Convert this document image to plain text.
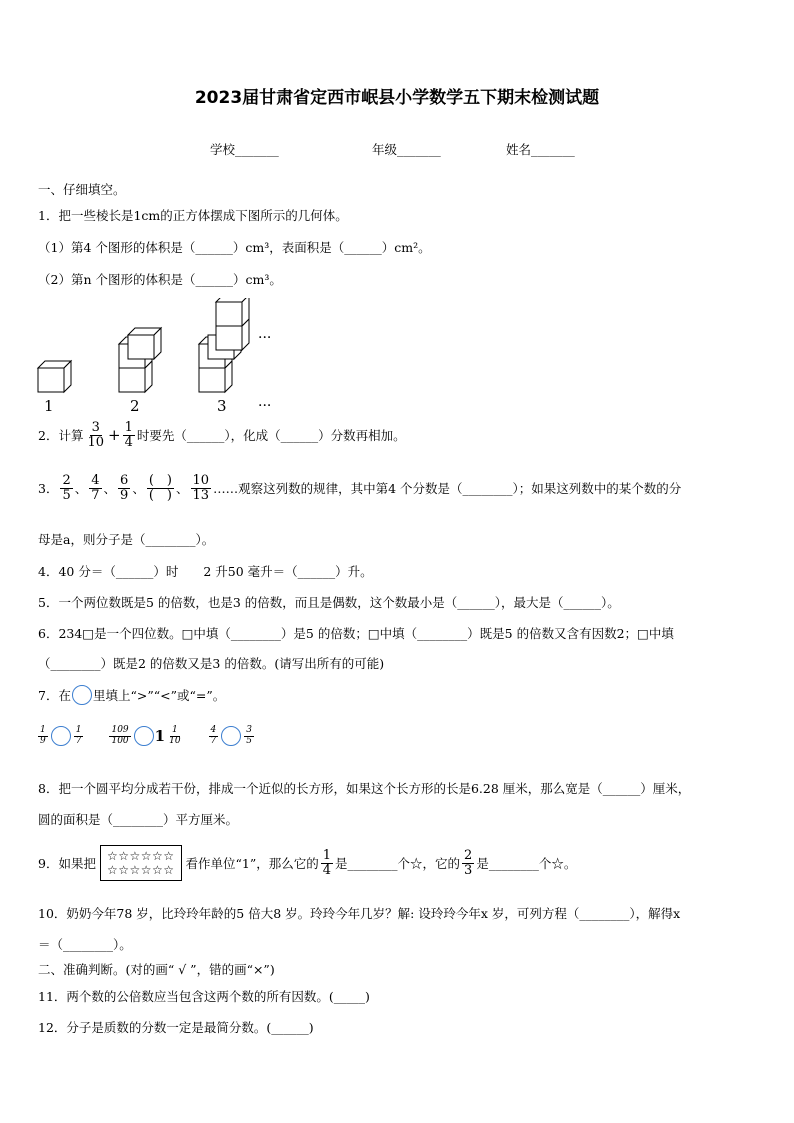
2023届甘肃省定西市岷县小学数学五下期末检测试题
学校_______	年级_______	姓名_______
一、仔细填空。
1．把一些棱长是1cm的正方体摆成下图所示的几何体。
（1）第4 个图形的体积是（______）cm³，表面积是（______）cm²。
（2）第n 个图形的体积是（______）cm³。
1	2	3
···
···
2．计算 $\frac{3}{10} + \frac{1}{4}$ 时要先（______），化成（______）分数再相加。
3． $\frac{2}{5}$ 、 $\frac{4}{7}$ 、 $\frac{6}{9}$ 、 $\frac{( )}{( )}$ 、 $\frac{10}{13}$ ……观察这列数的规律，其中第4 个分数是（________）；如果这列数中的某个数的分
母是a，则分子是（________）。
4．40 分＝（______）时　　2 升50 毫升＝（______）升。
5．一个两位数既是5 的倍数，也是3 的倍数，而且是偶数，这个数最小是（______），最大是（______）。
6．234□是一个四位数。□中填（________）是5 的倍数；□中填（________）既是5 的倍数又含有因数2；□中填
（________）既是2 的倍数又是3 的倍数。(请写出所有的可能)
7．在 里填上“>”“<”或“=”。
$\frac{1}{9}$	$\frac{1}{7}$	$\frac{109}{100} 1 \frac{1}{10}$	$\frac{4}{7}$	$\frac{3}{5}$
8．把一个圆平均分成若干份，排成一个近似的长方形，如果这个长方形的长是6.28 厘米，那么宽是（______）厘米，
圆的面积是（________）平方厘米。
9．如果把 ☆☆☆☆☆☆
☆☆☆☆☆☆ 看作单位“1”，那么它的 $\frac{1}{4}$ 是________个☆，它的 $\frac{2}{3}$ 是________个☆。
10．奶奶今年78 岁，比玲玲年龄的5 倍大8 岁。玲玲今年几岁？解: 设玲玲今年x 岁，可列方程（________），解得x
＝（________）。
二、准确判断。(对的画“ √ ”，错的画“×”)
11．两个数的公倍数应当包含这两个数的所有因数。(_____)
12．分子是质数的分数一定是最简分数。(______)
